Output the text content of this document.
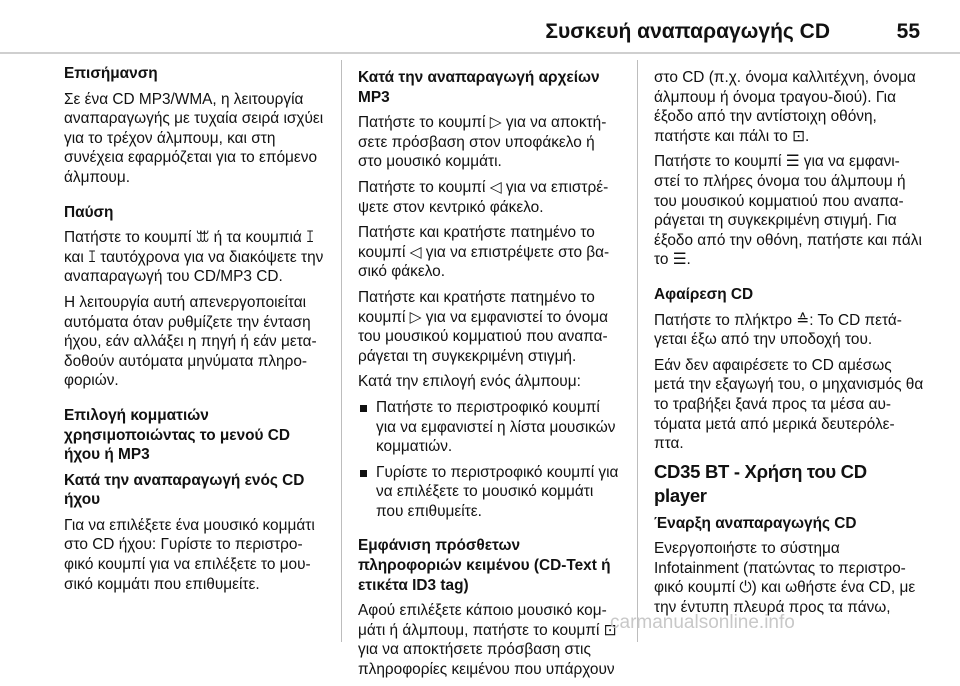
Συσκευή αναπαραγωγής CD	55

Επισήμανση

Σε ένα CD MP3/WMA, η λειτουργία αναπαραγωγής με τυχαία σειρά ισχύει για το τρέχον άλμπουμ, και στη συνέχεια εφαρμόζεται για το επόμενο άλμπουμ.

Παύση

Πατήστε το κουμπί ꕭ ή τα κουμπιά ꕯ και ꕯ ταυτόχρονα για να διακόψετε την αναπαραγωγή του CD/MP3 CD.

Η λειτουργία αυτή απενεργοποιείται αυτόματα όταν ρυθμίζετε την ένταση ήχου, εάν αλλάξει η πηγή ή εάν μετα-δοθούν αυτόματα μηνύματα πληρο-φοριών.

Επιλογή κομματιών χρησιμοποιώντας το μενού CD ήχου ή MP3

Κατά την αναπαραγωγή ενός CD ήχου

Για να επιλέξετε ένα μουσικό κομμάτι στο CD ήχου: Γυρίστε το περιστρο-φικό κουμπί για να επιλέξετε το μου-σικό κομμάτι που επιθυμείτε.

Κατά την αναπαραγωγή αρχείων MP3

Πατήστε το κουμπί ▷ για να αποκτή-σετε πρόσβαση στον υποφάκελο ή στο μουσικό κομμάτι.

Πατήστε το κουμπί ◁ για να επιστρέ-ψετε στον κεντρικό φάκελο.

Πατήστε και κρατήστε πατημένο το κουμπί ◁ για να επιστρέψετε στο βα-σικό φάκελο.

Πατήστε και κρατήστε πατημένο το κουμπί ▷ για να εμφανιστεί το όνομα του μουσικού κομματιού που αναπα-ράγεται τη συγκεκριμένη στιγμή.

Κατά την επιλογή ενός άλμπουμ:

Πατήστε το περιστροφικό κουμπί για να εμφανιστεί η λίστα μουσικών κομματιών.
Γυρίστε το περιστροφικό κουμπί για να επιλέξετε το μουσικό κομμάτι που επιθυμείτε.

Εμφάνιση πρόσθετων πληροφοριών κειμένου (CD-Text ή ετικέτα ID3 tag)

Αφού επιλέξετε κάποιο μουσικό κομ-μάτι ή άλμπουμ, πατήστε το κουμπί ⊡ για να αποκτήσετε πρόσβαση στις πληροφορίες κειμένου που υπάρχουν

στο CD (π.χ. όνομα καλλιτέχνη, όνομα άλμπουμ ή όνομα τραγου-διού). Για έξοδο από την αντίστοιχη οθόνη, πατήστε και πάλι το ⊡.

Πατήστε το κουμπί ☰ για να εμφανι-στεί το πλήρες όνομα του άλμπουμ ή του μουσικού κομματιού που αναπα-ράγεται τη συγκεκριμένη στιγμή. Για έξοδο από την οθόνη, πατήστε και πάλι το ☰.

Αφαίρεση CD

Πατήστε το πλήκτρο ≙: Το CD πετά-γεται έξω από την υποδοχή του.

Εάν δεν αφαιρέσετε το CD αμέσως μετά την εξαγωγή του, ο μηχανισμός θα το τραβήξει ξανά προς τα μέσα αυ-τόματα μετά από μερικά δευτερόλε-πτα.

CD35 BT - Χρήση του CD player

Έναρξη αναπαραγωγής CD

Ενεργοποιήστε το σύστημα Infotainment (πατώντας το περιστρο-φικό κουμπί ⏻) και ωθήστε ένα CD, με την έντυπη πλευρά προς τα πάνω,

carmanualsonline.info
